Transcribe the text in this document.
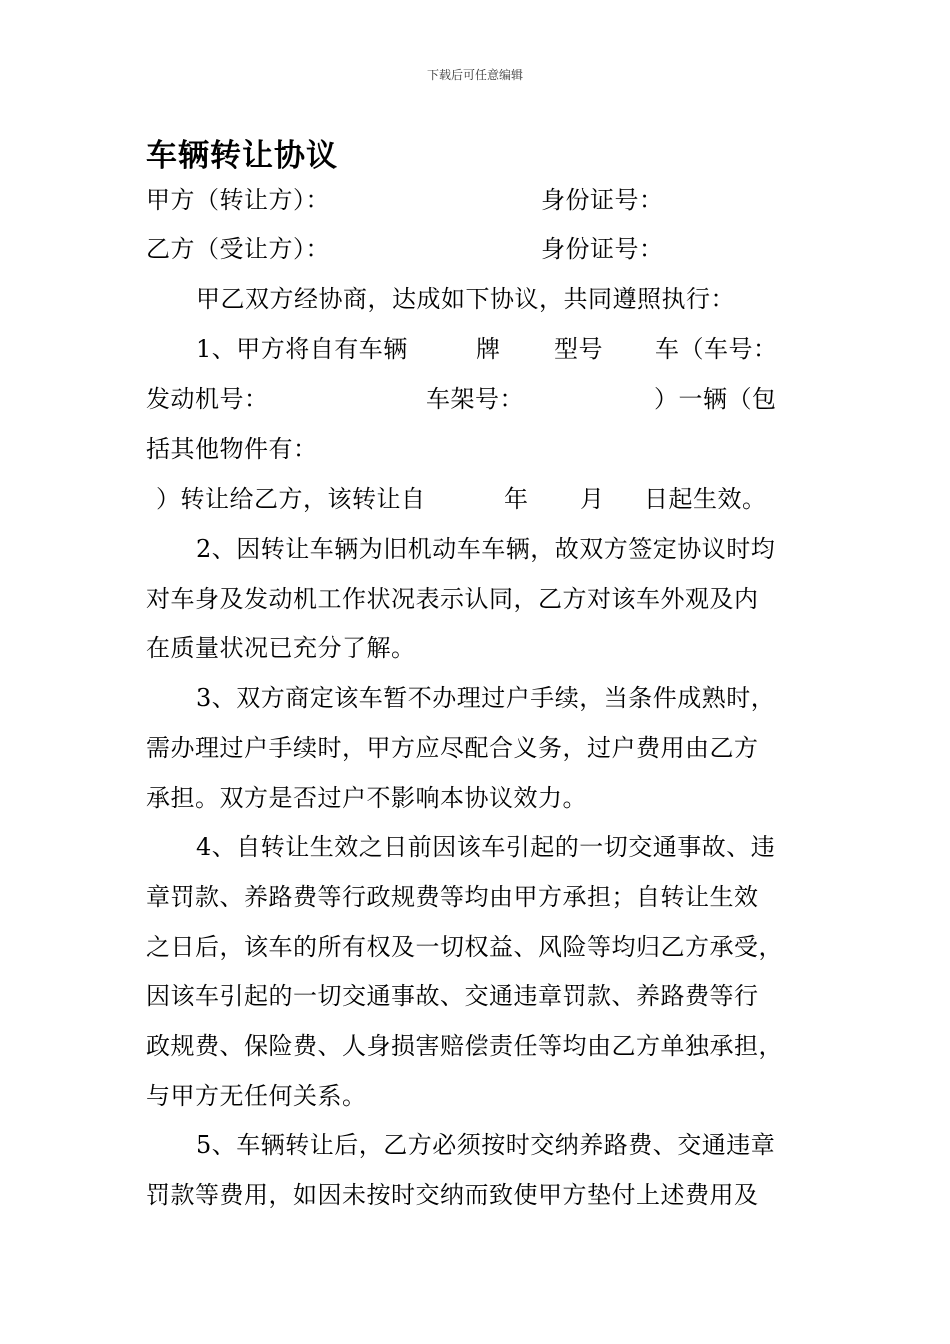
下载后可任意编辑
车辆转让协议
甲方（转让方）：	身份证号：
乙方（受让方）：	身份证号：
甲乙双方经协商，达成如下协议，共同遵照执行：
1、甲方将自有车辆	牌 型号 车（车号：
发动机号：	车架号：	）一辆（包
括其他物件有：
）转让给乙方，该转让自	年 月 日起生效。
2、因转让车辆为旧机动车车辆，故双方签定协议时均
对车身及发动机工作状况表示认同，乙方对该车外观及内
在质量状况已充分了解。
3、双方商定该车暂不办理过户手续，当条件成熟时，
需办理过户手续时，甲方应尽配合义务，过户费用由乙方
承担。双方是否过户不影响本协议效力。
4、自转让生效之日前因该车引起的一切交通事故、违
章罚款、养路费等行政规费等均由甲方承担；自转让生效
之日后，该车的所有权及一切权益、风险等均归乙方承受，
因该车引起的一切交通事故、交通违章罚款、养路费等行
政规费、保险费、人身损害赔偿责任等均由乙方单独承担，
与甲方无任何关系。
5、车辆转让后，乙方必须按时交纳养路费、交通违章
罚款等费用，如因未按时交纳而致使甲方垫付上述费用及
